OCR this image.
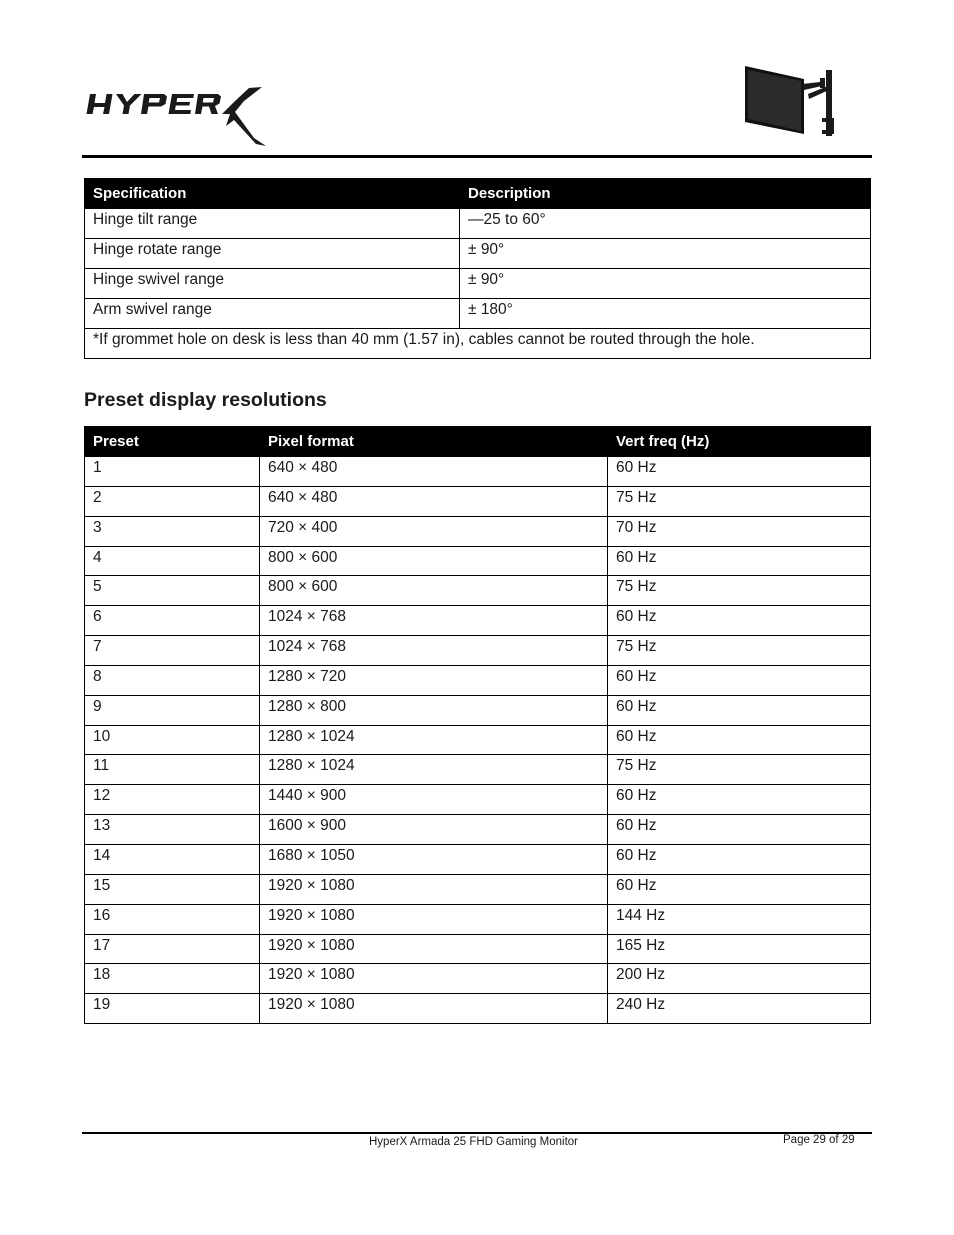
Specification	Description
Hinge tilt range	—25 to 60°
Hinge rotate range	± 90°
Hinge swivel range	± 90°
Arm swivel range	± 180°
*If grommet hole on desk is less than 40 mm (1.57 in), cables cannot be routed through the hole.	
Preset display resolutions
Preset	Pixel format	Vert freq (Hz)
1	640 × 480	60 Hz
2	640 × 480	75 Hz
3	720 × 400	70 Hz
4	800 × 600	60 Hz
5	800 × 600	75 Hz
6	1024 × 768	60 Hz
7	1024 × 768	75 Hz
8	1280 × 720	60 Hz
9	1280 × 800	60 Hz
10	1280 × 1024	60 Hz
11	1280 × 1024	75 Hz
12	1440 × 900	60 Hz
13	1600 × 900	60 Hz
14	1680 × 1050	60 Hz
15	1920 × 1080	60 Hz
16	1920 × 1080	144 Hz
17	1920 × 1080	165 Hz
18	1920 × 1080	200 Hz
19	1920 × 1080	240 Hz
HyperX Armada 25 FHD Gaming Monitor	Page 29 of 29
